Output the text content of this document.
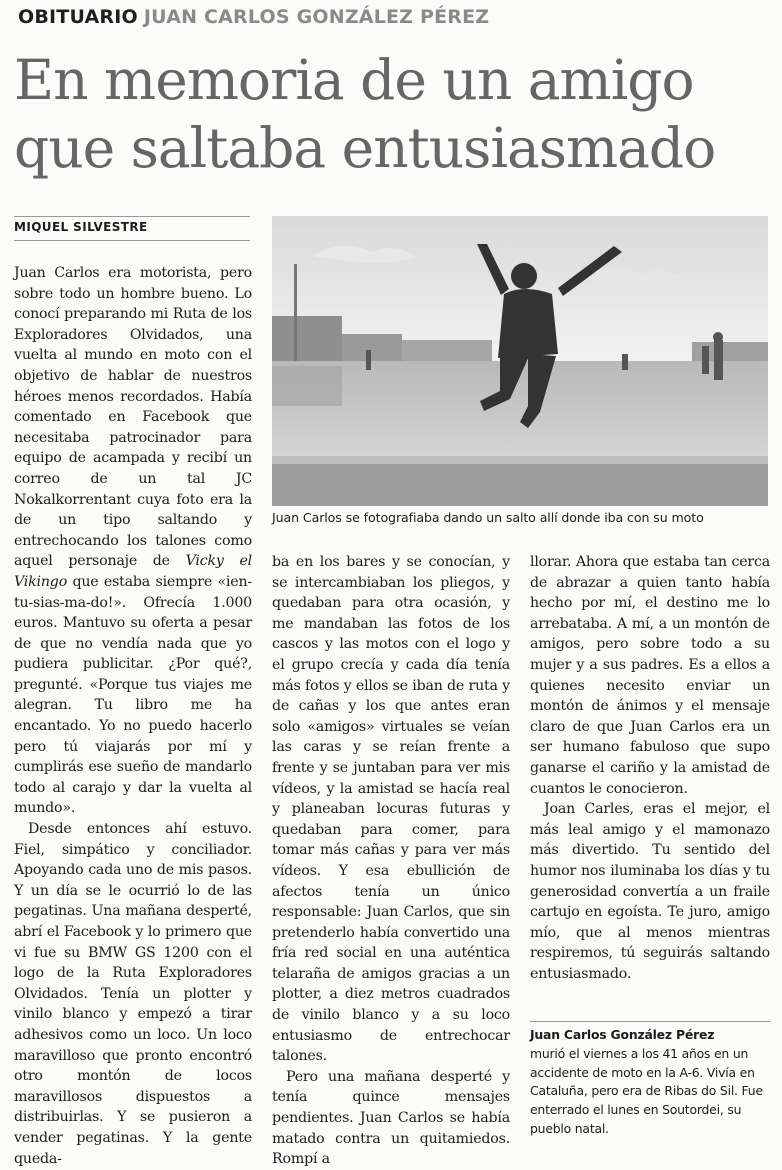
OBITUARIO JUAN CARLOS GONZÁLEZ PÉREZ
En memoria de un amigo
que saltaba entusiasmado
MIQUEL SILVESTRE
Juan Carlos se fotografiaba dando un salto allí donde iba con su moto

Juan Carlos era motorista, pero sobre todo un hombre bueno. Lo conocí preparando mi Ruta de los Exploradores Olvidados, una vuelta al mundo en moto con el objetivo de hablar de nuestros héroes menos recordados. Había comentado en Facebook que necesitaba patrocinador para equipo de acampada y recibí un correo de un tal JC Nokalkorrentant cuya foto era la de un tipo saltando y entrechocando los talones como aquel personaje de Vicky el Vikingo que estaba siempre «ien-tu-sias-ma-do!». Ofrecía 1.000 euros. Mantuvo su oferta a pesar de que no vendía nada que yo pudiera publicitar. ¿Por qué?, pregunté. «Porque tus viajes me alegran. Tu libro me ha encantado. Yo no puedo hacerlo pero tú viajarás por mí y cumplirás ese sueño de mandarlo todo al carajo y dar la vuelta al mundo».

Desde entonces ahí estuvo. Fiel, simpático y conciliador. Apoyando cada uno de mis pasos. Y un día se le ocurrió lo de las pegatinas. Una mañana desperté, abrí el Facebook y lo primero que vi fue su BMW GS 1200 con el logo de la Ruta Exploradores Olvidados. Tenía un plotter y vinilo blanco y empezó a tirar adhesivos como un loco. Un loco maravilloso que pronto encontró otro montón de locos maravillosos dispuestos a distribuirlas. Y se pusieron a vender pegatinas. Y la gente queda-

ba en los bares y se conocían, y se intercambiaban los pliegos, y quedaban para otra ocasión, y me mandaban las fotos de los cascos y las motos con el logo y el grupo crecía y cada día tenía más fotos y ellos se iban de ruta y de cañas y los que antes eran solo «amigos» virtuales se veían las caras y se reían frente a frente y se juntaban para ver mis vídeos, y la amistad se hacía real y planeaban locuras futuras y quedaban para comer, para tomar más cañas y para ver más vídeos. Y esa ebullición de afectos tenía un único responsable: Juan Carlos, que sin pretenderlo había convertido una fría red social en una auténtica telaraña de amigos gracias a un plotter, a diez metros cuadrados de vinilo blanco y a su loco entusiasmo de entrechocar talones.

Pero una mañana desperté y tenía quince mensajes pendientes. Juan Carlos se había matado contra un quitamiedos. Rompí a

llorar. Ahora que estaba tan cerca de abrazar a quien tanto había hecho por mí, el destino me lo arrebataba. A mí, a un montón de amigos, pero sobre todo a su mujer y a sus padres. Es a ellos a quienes necesito enviar un montón de ánimos y el mensaje claro de que Juan Carlos era un ser humano fabuloso que supo ganarse el cariño y la amistad de cuantos le conocieron.

Joan Carles, eras el mejor, el más leal amigo y el mamonazo más divertido. Tu sentido del humor nos iluminaba los días y tu generosidad convertía a un fraile cartujo en egoísta. Te juro, amigo mío, que al menos mientras respiremos, tú seguirás saltando entusiasmado.

Juan Carlos González Pérez
murió el viernes a los 41 años en un accidente de moto en la A-6. Vivía en Cataluña, pero era de Ribas do Sil. Fue enterrado el lunes en Soutordei, su pueblo natal.
